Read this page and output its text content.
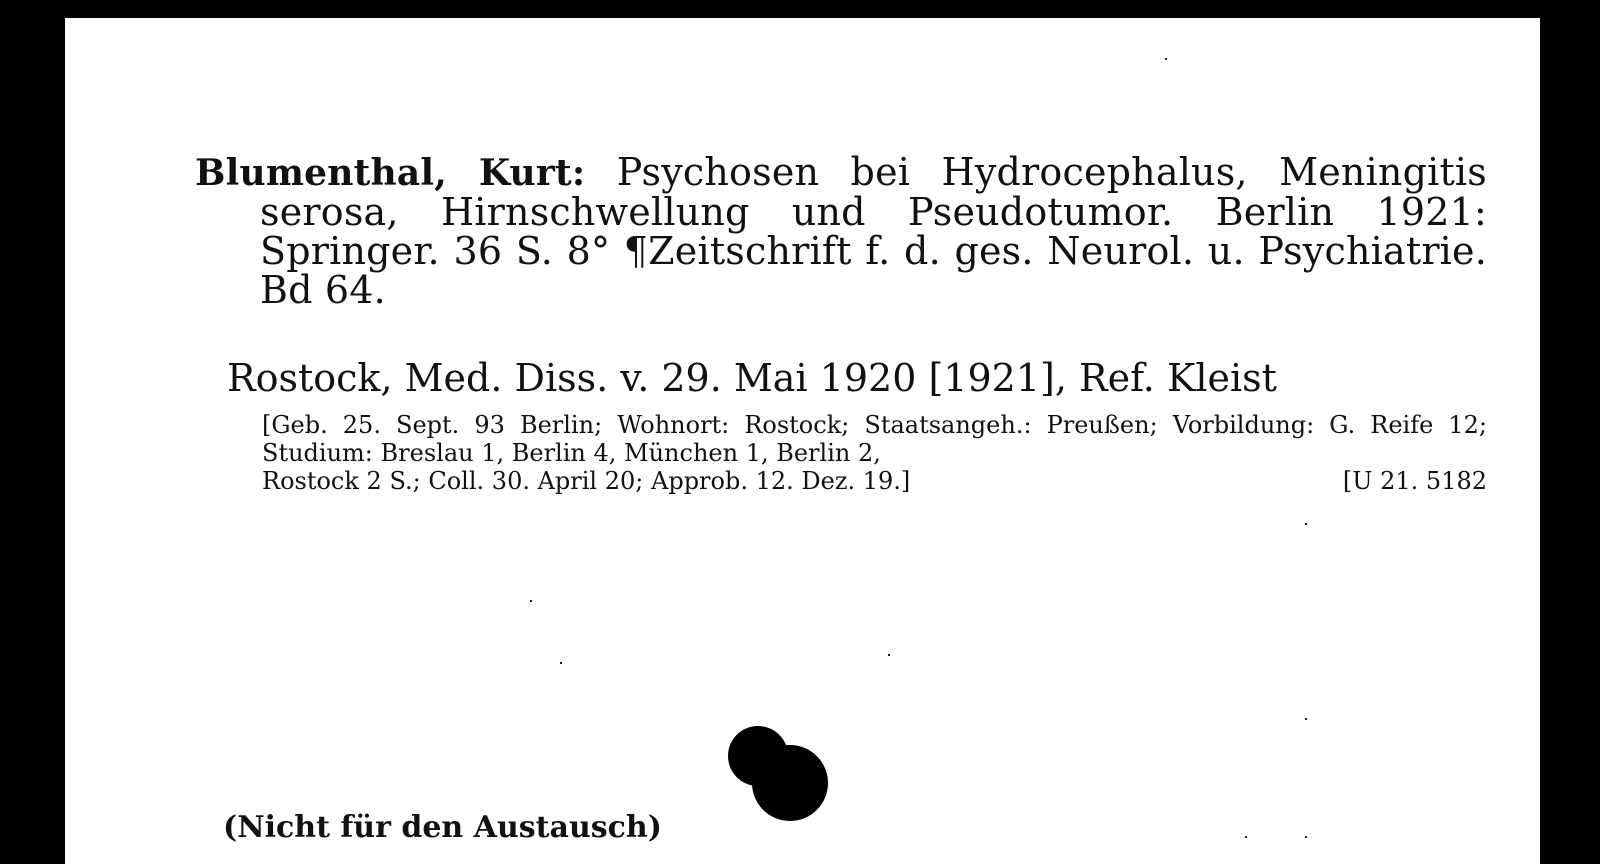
Blumenthal, Kurt: Psychosen bei Hydrocephalus, Meningitis serosa, Hirnschwellung und Pseudotumor. Berlin 1921: Springer. 36 S. 8° ¶Zeitschrift f. d. ges. Neurol. u. Psychiatrie. Bd 64.
Rostock, Med. Diss. v. 29. Mai 1920 [1921], Ref. Kleist
[Geb. 25. Sept. 93 Berlin; Wohnort: Rostock; Staatsangeh.: Preußen; Vorbildung: G. Reife 12; Studium: Breslau 1, Berlin 4, München 1, Berlin 2,
Rostock 2 S.; Coll. 30. April 20; Approb. 12. Dez. 19.]	[U 21. 5182
(Nicht für den Austausch)
